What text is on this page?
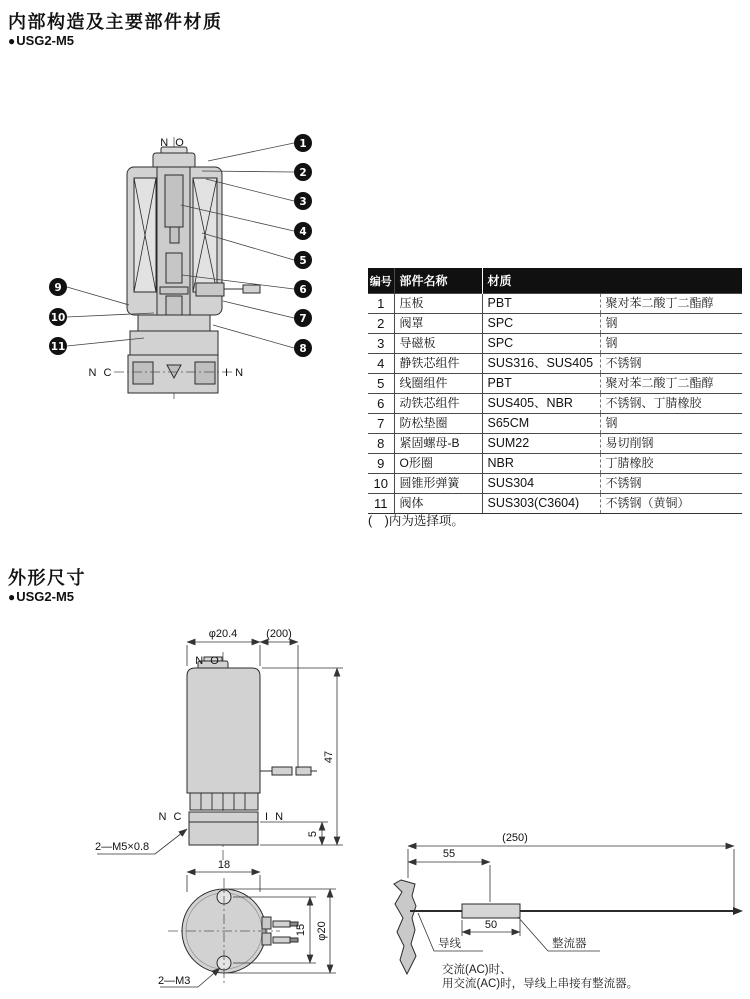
内部构造及主要部件材质
●USG2-M5
1
2
3
4
5
6
7
8
9
10
11
N O
N C	I N
编号	部件名称	材质	
1	压板	PBT	聚对苯二酸丁二酯醇
2	阀罩	SPC	钢
3	导磁板	SPC	钢
4	静铁芯组件	SUS316、SUS405	不锈钢
5	线圈组件	PBT	聚对苯二酸丁二酯醇
6	动铁芯组件	SUS405、NBR	不锈钢、丁腈橡胶
7	防松垫圈	S65CM	钢
8	紧固螺母-B	SUM22	易切削钢
9	O形圈	NBR	丁腈橡胶
10	圆锥形弹簧	SUS304	不锈钢
11	阀体	SUS303(C3604)	不锈钢（黄铜）
(　)内为选择项。
外形尺寸
●USG2-M5
φ20.4	(200)
47
5
2—M5×0.8
N O
N C	I N
18
15 φ20
2—M3
(250)
55
50
导线	整流器
交流(AC)时、
用交流(AC)时，导线上串接有整流器。
